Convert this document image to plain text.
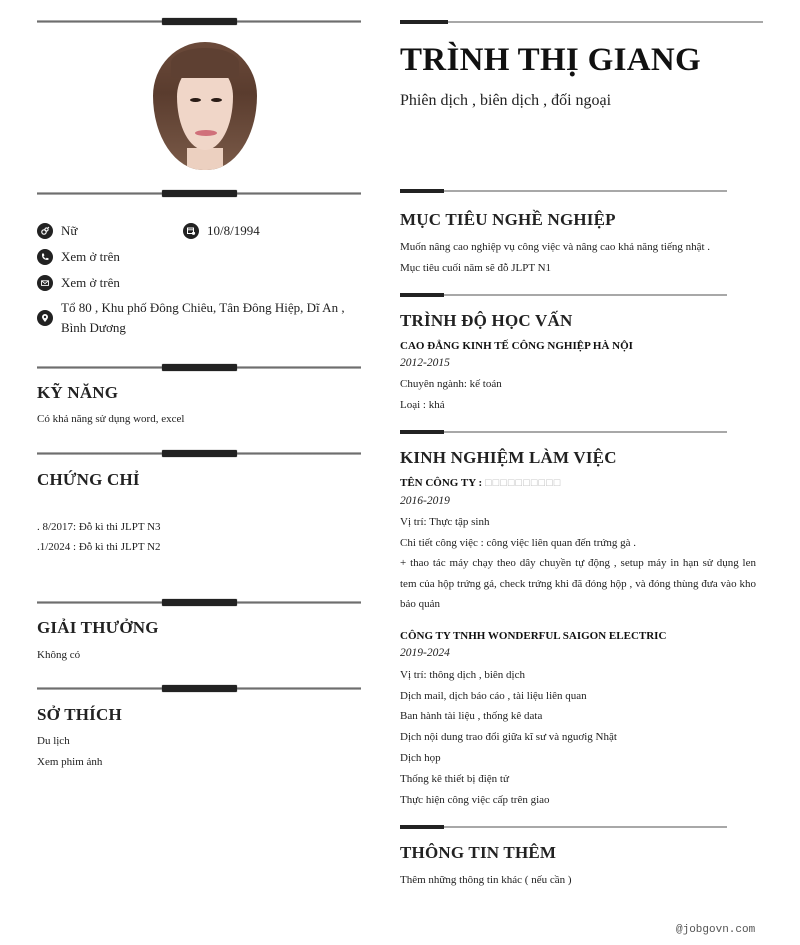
Nữ	10/8/1994
Xem ở trên
Xem ở trên
Tổ 80 , Khu phố Đông Chiêu, Tân Đông Hiệp, Dĩ An ,
Bình Dương
KỸ NĂNG
Có khả năng sử dụng word, excel
CHỨNG CHỈ
. 8/2017: Đỗ kì thi JLPT N3
.1/2024 : Đỗ kì thi JLPT N2
GIẢI THƯỞNG
Không có
SỞ THÍCH
Du lịch
Xem phim ảnh
TRÌNH THỊ GIANG
Phiên dịch , biên dịch , đối ngoại
MỤC TIÊU NGHỀ NGHIỆP
Muốn nâng cao nghiệp vụ công việc và nâng cao khả năng tiếng nhật .
Mục tiêu cuối năm sẽ đỗ JLPT N1
TRÌNH ĐỘ HỌC VẤN
CAO ĐẲNG KINH TẾ CÔNG NGHIỆP HÀ NỘI
2012-2015
Chuyên ngành: kế toán
Loại : khá
KINH NGHIỆM LÀM VIỆC
TÊN CÔNG TY : □□□□□□□□□□
2016-2019
Vị trí: Thực tập sinh
Chi tiết công việc : công việc liên quan đến trứng gà .
+ thao tác máy chạy theo dây chuyền tự động , setup máy in hạn sử dụng len tem của hộp trứng gả, check trứng khi đã đóng hộp , và đóng thùng đưa vào kho bảo quản
CÔNG TY TNHH WONDERFUL SAIGON ELECTRIC
2019-2024
Vị trí: thông dịch , biên dịch
Dịch mail, dịch báo cáo , tài liệu liên quan
Ban hành tài liệu , thống kê data
Dịch nội dung trao đổi giữa kĩ sư và nguơig Nhật
Dịch họp
Thống kê thiết bị điện tử
Thực hiện công việc cấp trên giao
THÔNG TIN THÊM
Thêm những thông tin khác ( nếu cần )
@jobgovn.com
